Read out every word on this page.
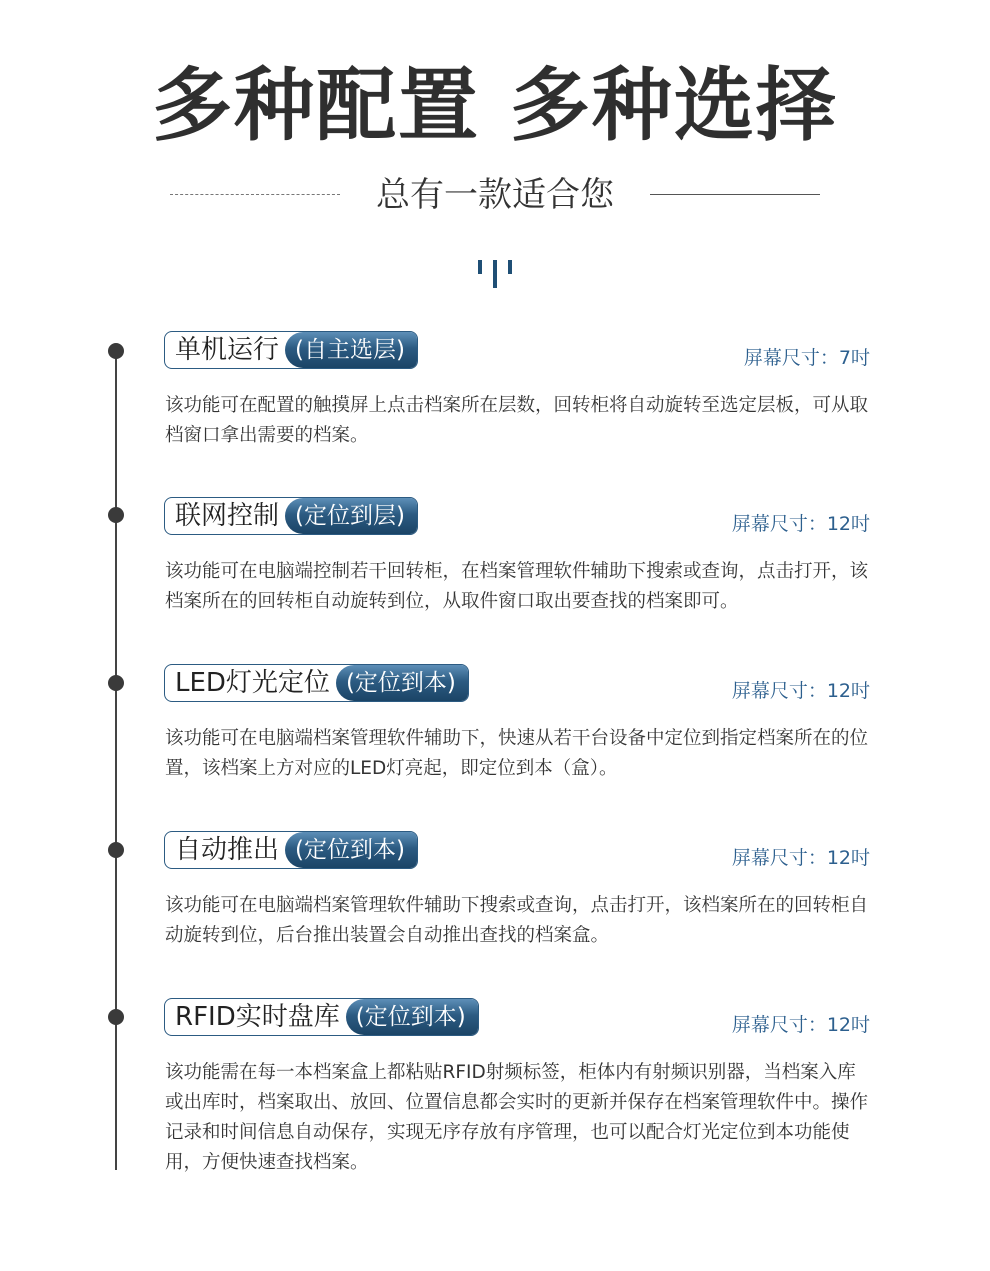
多种配置 多种选择
总有一款适合您
单机运行 (自主选层)	屏幕尺寸：7吋
该功能可在配置的触摸屏上点击档案所在层数，回转柜将自动旋转至选定层板，可从取档窗口拿出需要的档案。
联网控制 (定位到层)	屏幕尺寸：12吋
该功能可在电脑端控制若干回转柜，在档案管理软件辅助下搜索或查询，点击打开，该档案所在的回转柜自动旋转到位，从取件窗口取出要查找的档案即可。
LED灯光定位 (定位到本)	屏幕尺寸：12吋
该功能可在电脑端档案管理软件辅助下，快速从若干台设备中定位到指定档案所在的位置，该档案上方对应的LED灯亮起，即定位到本（盒）。
自动推出 (定位到本)	屏幕尺寸：12吋
该功能可在电脑端档案管理软件辅助下搜索或查询，点击打开，该档案所在的回转柜自动旋转到位，后台推出装置会自动推出查找的档案盒。
RFID实时盘库 (定位到本)	屏幕尺寸：12吋
该功能需在每一本档案盒上都粘贴RFID射频标签，柜体内有射频识别器，当档案入库或出库时，档案取出、放回、位置信息都会实时的更新并保存在档案管理软件中。操作记录和时间信息自动保存，实现无序存放有序管理，也可以配合灯光定位到本功能使用，方便快速查找档案。
